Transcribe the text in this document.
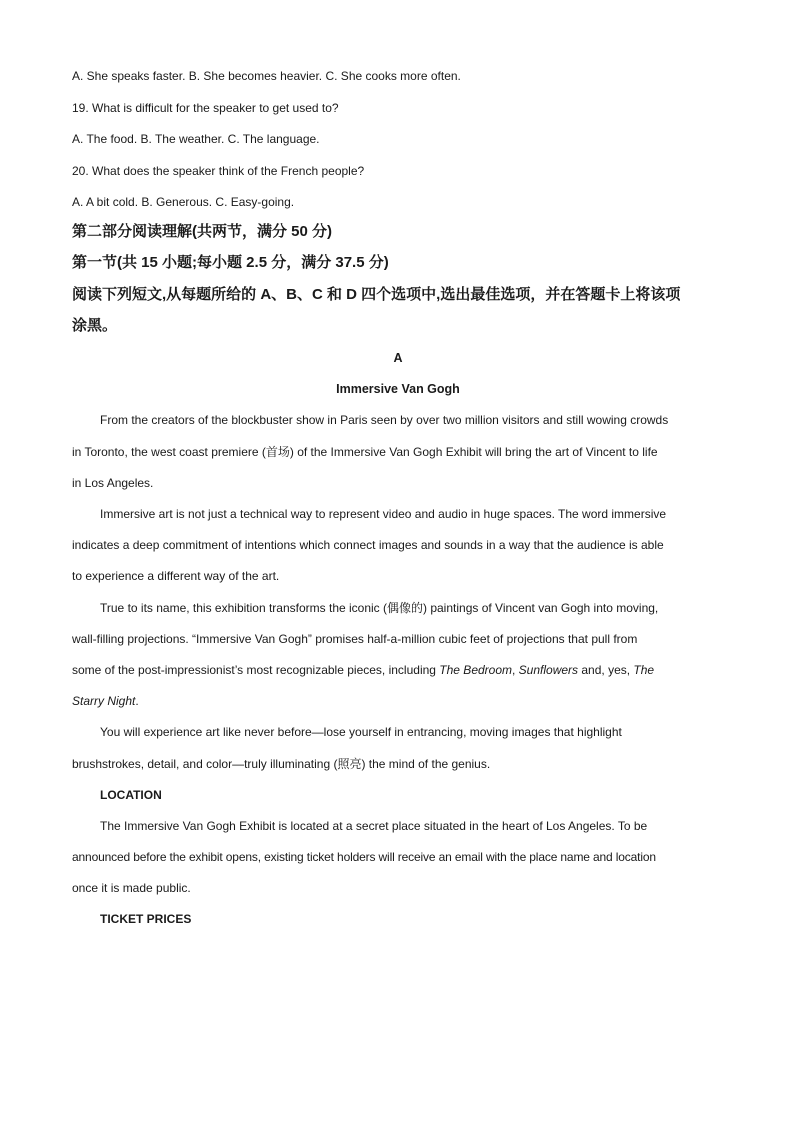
A. She speaks faster. B. She becomes heavier. C. She cooks more often.
19. What is difficult for the speaker to get used to?
A. The food. B. The weather. C. The language.
20. What does the speaker think of the French people?
A. A bit cold. B. Generous. C. Easy-going.
第二部分阅读理解(共两节，满分 50 分)
第一节(共 15 小题;每小题 2.5 分，满分 37.5 分)
阅读下列短文,从每题所给的 A、B、C 和 D 四个选项中,选出最佳选项，并在答题卡上将该项
涂黑。
A
Immersive Van Gogh
From the creators of the blockbuster show in Paris seen by over two million visitors and still wowing crowds
in Toronto, the west coast premiere (首场) of the Immersive Van Gogh Exhibit will bring the art of Vincent to life
in Los Angeles.
Immersive art is not just a technical way to represent video and audio in huge spaces. The word immersive
indicates a deep commitment of intentions which connect images and sounds in a way that the audience is able
to experience a different way of the art.
True to its name, this exhibition transforms the iconic (偶像的) paintings of Vincent van Gogh into moving,
wall-filling projections. “Immersive Van Gogh” promises half-a-million cubic feet of projections that pull from
some of the post-impressionist’s most recognizable pieces, including The Bedroom, Sunflowers and, yes, The
Starry Night.
You will experience art like never before—lose yourself in entrancing, moving images that highlight
brushstrokes, detail, and color—truly illuminating (照亮) the mind of the genius.
LOCATION
The Immersive Van Gogh Exhibit is located at a secret place situated in the heart of Los Angeles. To be
announced before the exhibit opens, existing ticket holders will receive an email with the place name and location
once it is made public.
TICKET PRICES
